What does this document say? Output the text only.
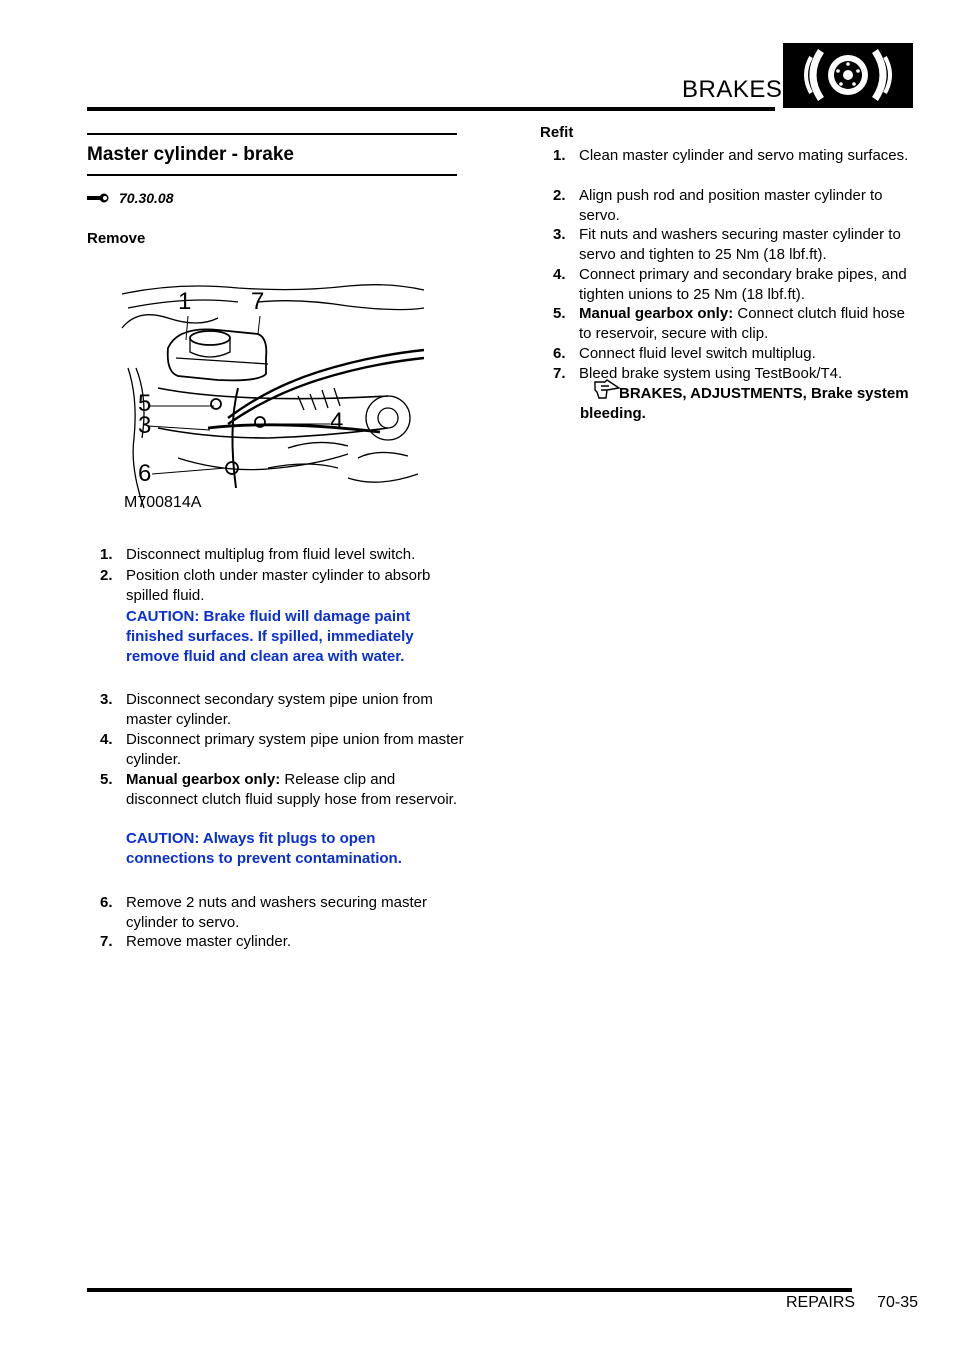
BRAKES
Master cylinder - brake
70.30.08
Remove
1 7
5
3	4
6
M700814A
1. Disconnect multiplug from fluid level switch.
2. Position cloth under master cylinder to absorb spilled fluid.
CAUTION: Brake fluid will damage paint finished surfaces. If spilled, immediately remove fluid and clean area with water.
3. Disconnect secondary system pipe union from master cylinder.
4. Disconnect primary system pipe union from master cylinder.
5. Manual gearbox only: Release clip and disconnect clutch fluid supply hose from reservoir.
CAUTION: Always fit plugs to open connections to prevent contamination.
6. Remove 2 nuts and washers securing master cylinder to servo.
7. Remove master cylinder.
Refit
1. Clean master cylinder and servo mating surfaces.
2. Align push rod and position master cylinder to servo.
3. Fit nuts and washers securing master cylinder to servo and tighten to 25 Nm (18 lbf.ft).
4. Connect primary and secondary brake pipes, and tighten unions to 25 Nm (18 lbf.ft).
5. Manual gearbox only: Connect clutch fluid hose to reservoir, secure with clip.
6. Connect fluid level switch multiplug.
7. Bleed brake system using TestBook/T4.
BRAKES, ADJUSTMENTS, Brake system bleeding.
REPAIRS 70-35
